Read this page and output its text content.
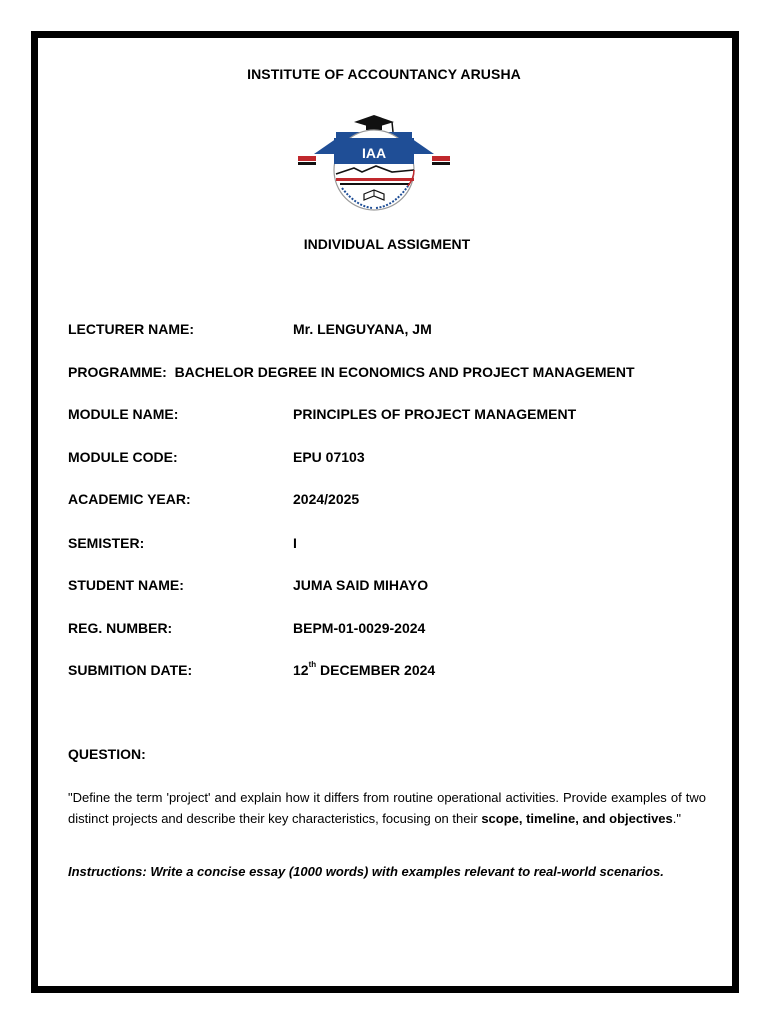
INSTITUTE OF ACCOUNTANCY ARUSHA
IAA
INDIVIDUAL ASSIGMENT
LECTURER NAME:	Mr. LENGUYANA, JM
PROGRAMME: BACHELOR DEGREE IN ECONOMICS AND PROJECT MANAGEMENT
MODULE NAME:	PRINCIPLES OF PROJECT MANAGEMENT
MODULE CODE:	EPU 07103
ACADEMIC YEAR:	2024/2025
SEMISTER:	I
STUDENT NAME:	JUMA SAID MIHAYO
REG. NUMBER:	BEPM-01-0029-2024
SUBMITION DATE:	12th DECEMBER 2024
QUESTION:
"Define the term 'project' and explain how it differs from routine operational activities. Provide examples of two distinct projects and describe their key characteristics, focusing on their scope, timeline, and objectives."
Instructions: Write a concise essay (1000 words) with examples relevant to real-world scenarios.
